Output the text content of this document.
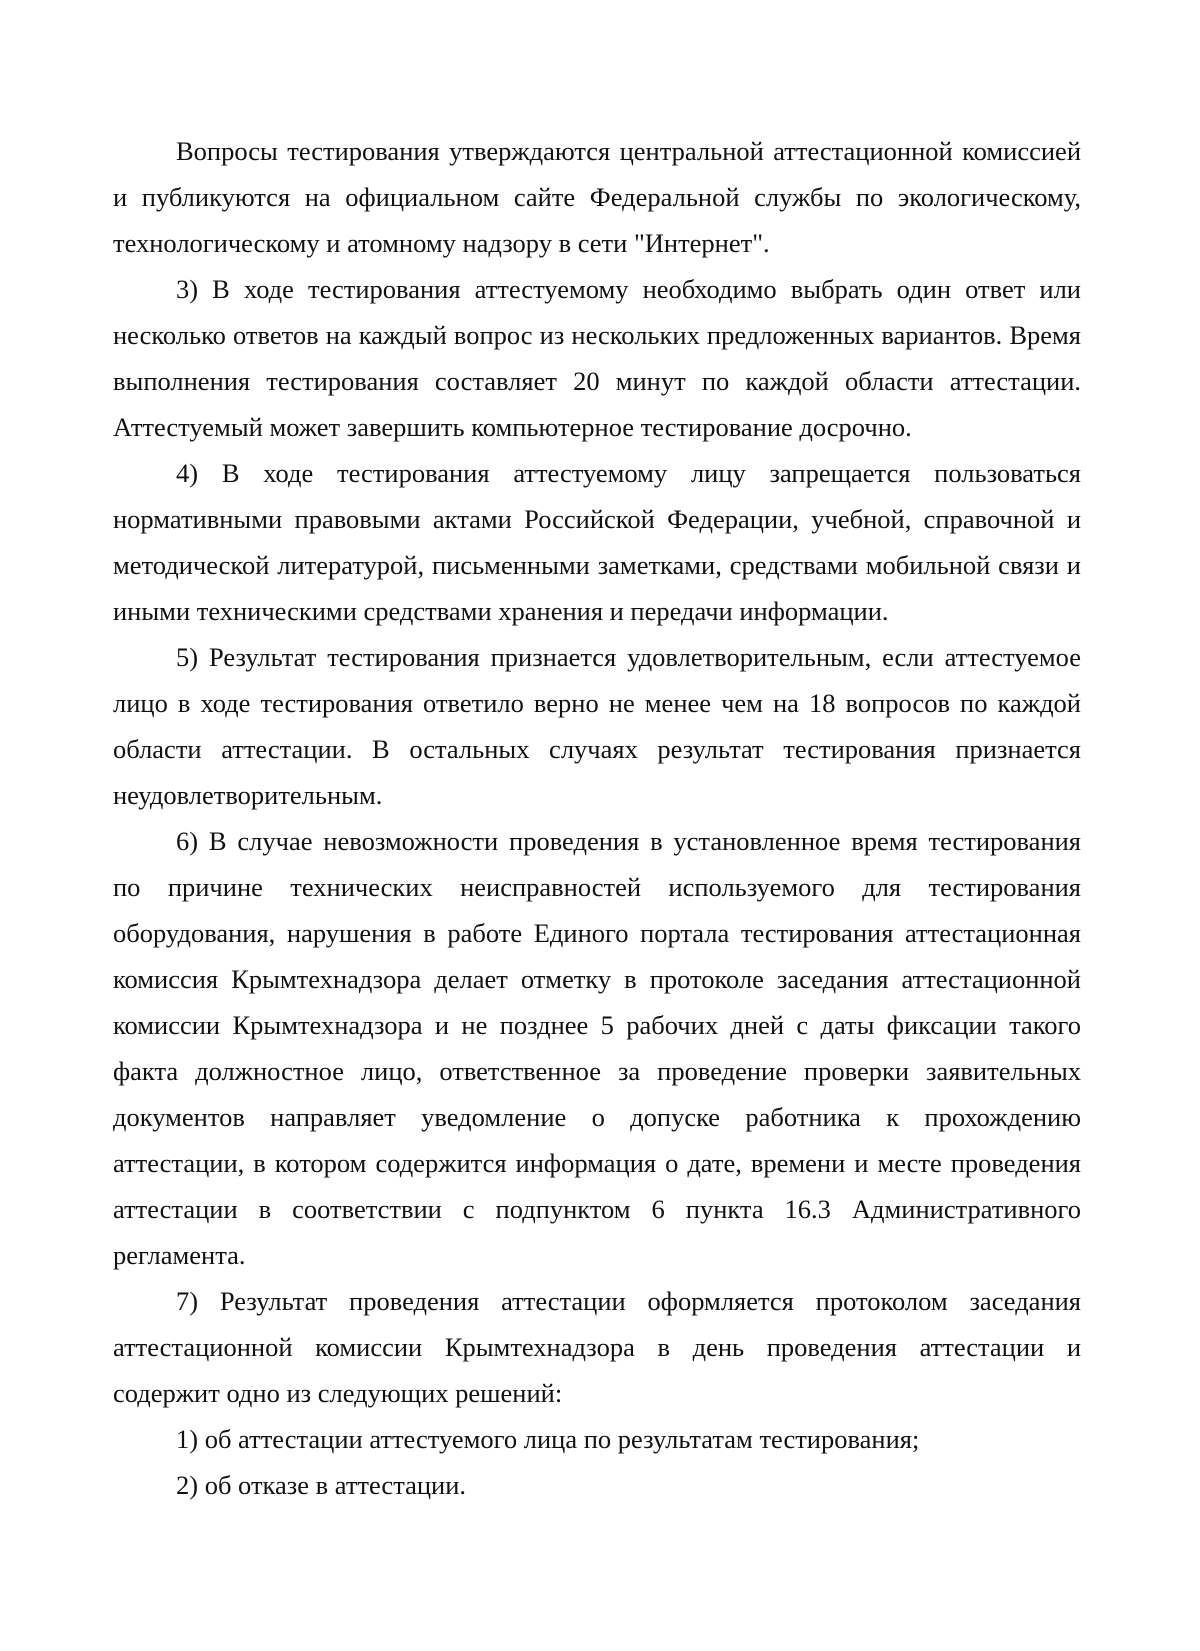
Вопросы тестирования утверждаются центральной аттестационной комиссией и публикуются на официальном сайте Федеральной службы по экологическому, технологическому и атомному надзору в сети "Интернет".

3) В ходе тестирования аттестуемому необходимо выбрать один ответ или несколько ответов на каждый вопрос из нескольких предложенных вариантов. Время выполнения тестирования составляет 20 минут по каждой области аттестации. Аттестуемый может завершить компьютерное тестирование досрочно.

4) В ходе тестирования аттестуемому лицу запрещается пользоваться нормативными правовыми актами Российской Федерации, учебной, справочной и методической литературой, письменными заметками, средствами мобильной связи и иными техническими средствами хранения и передачи информации.

5) Результат тестирования признается удовлетворительным, если аттестуемое лицо в ходе тестирования ответило верно не менее чем на 18 вопросов по каждой области аттестации. В остальных случаях результат тестирования признается неудовлетворительным.

6) В случае невозможности проведения в установленное время тестирования по причине технических неисправностей используемого для тестирования оборудования, нарушения в работе Единого портала тестирования аттестационная комиссия Крымтехнадзора делает отметку в протоколе заседания аттестационной комиссии Крымтехнадзора и не позднее 5 рабочих дней с даты фиксации такого факта должностное лицо, ответственное за проведение проверки заявительных документов направляет уведомление о допуске работника к прохождению аттестации, в котором содержится информация о дате, времени и месте проведения аттестации в соответствии с подпунктом 6 пункта 16.3 Административного регламента.

7) Результат проведения аттестации оформляется протоколом заседания аттестационной комиссии Крымтехнадзора в день проведения аттестации и содержит одно из следующих решений:

1) об аттестации аттестуемого лица по результатам тестирования;

2) об отказе в аттестации.
